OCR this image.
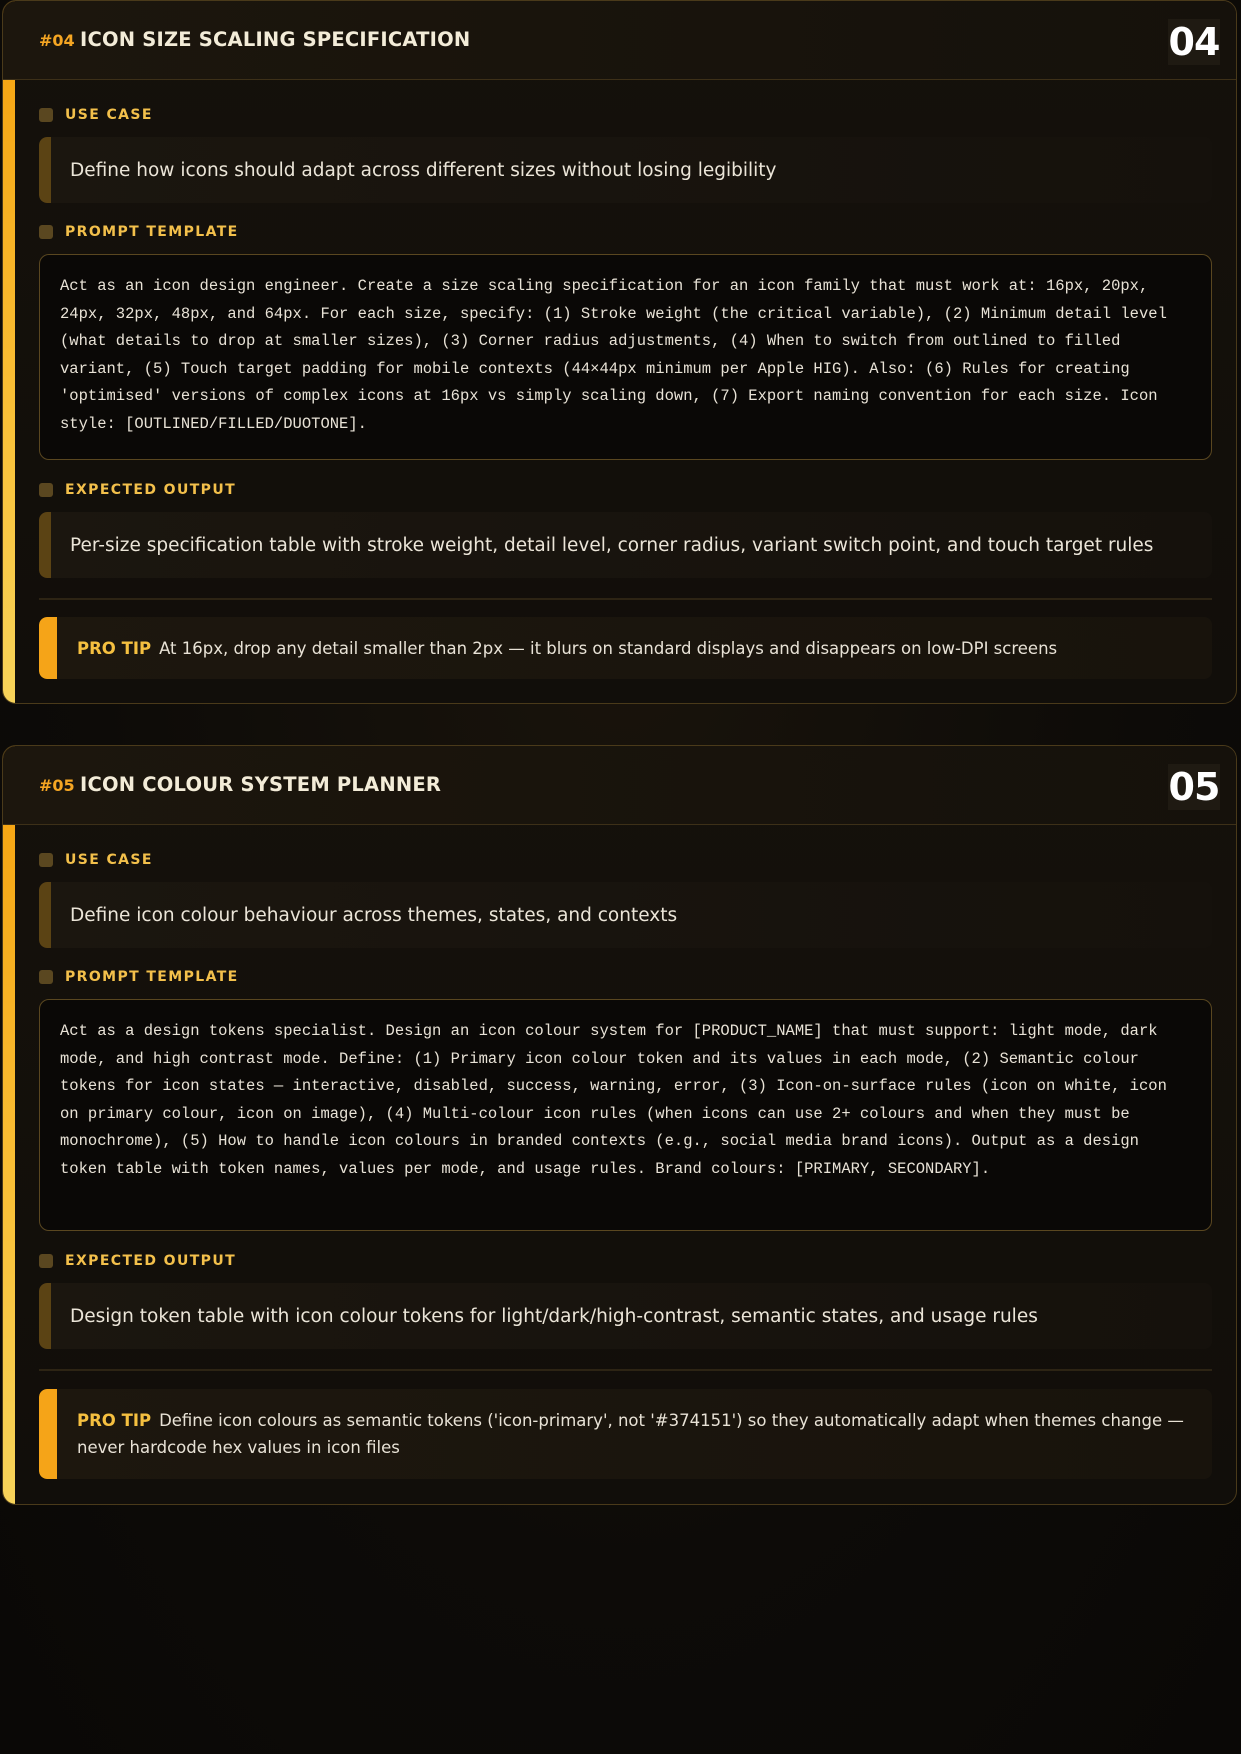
#04 ICON SIZE SCALING SPECIFICATION	04
USE CASE
Define how icons should adapt across different sizes without losing legibility
PROMPT TEMPLATE
Act as an icon design engineer. Create a size scaling specification for an icon family that must work at: 16px, 20px, 24px, 32px, 48px, and 64px. For each size, specify: (1) Stroke weight (the critical variable), (2) Minimum detail level (what details to drop at smaller sizes), (3) Corner radius adjustments, (4) When to switch from outlined to filled variant, (5) Touch target padding for mobile contexts (44×44px minimum per Apple HIG). Also: (6) Rules for creating 'optimised' versions of complex icons at 16px vs simply scaling down, (7) Export naming convention for each size. Icon style: [OUTLINED/FILLED/DUOTONE].
EXPECTED OUTPUT
Per-size specification table with stroke weight, detail level, corner radius, variant switch point, and touch target rules
PRO TIP At 16px, drop any detail smaller than 2px — it blurs on standard displays and disappears on low-DPI screens
#05 ICON COLOUR SYSTEM PLANNER	05
USE CASE
Define icon colour behaviour across themes, states, and contexts
PROMPT TEMPLATE
Act as a design tokens specialist. Design an icon colour system for [PRODUCT_NAME] that must support: light mode, dark mode, and high contrast mode. Define: (1) Primary icon colour token and its values in each mode, (2) Semantic colour tokens for icon states — interactive, disabled, success, warning, error, (3) Icon-on-surface rules (icon on white, icon on primary colour, icon on image), (4) Multi-colour icon rules (when icons can use 2+ colours and when they must be monochrome), (5) How to handle icon colours in branded contexts (e.g., social media brand icons). Output as a design token table with token names, values per mode, and usage rules. Brand colours: [PRIMARY, SECONDARY].
EXPECTED OUTPUT
Design token table with icon colour tokens for light/dark/high-contrast, semantic states, and usage rules
PRO TIP Define icon colours as semantic tokens ('icon-primary', not '#374151') so they automatically adapt when themes change — never hardcode hex values in icon files
